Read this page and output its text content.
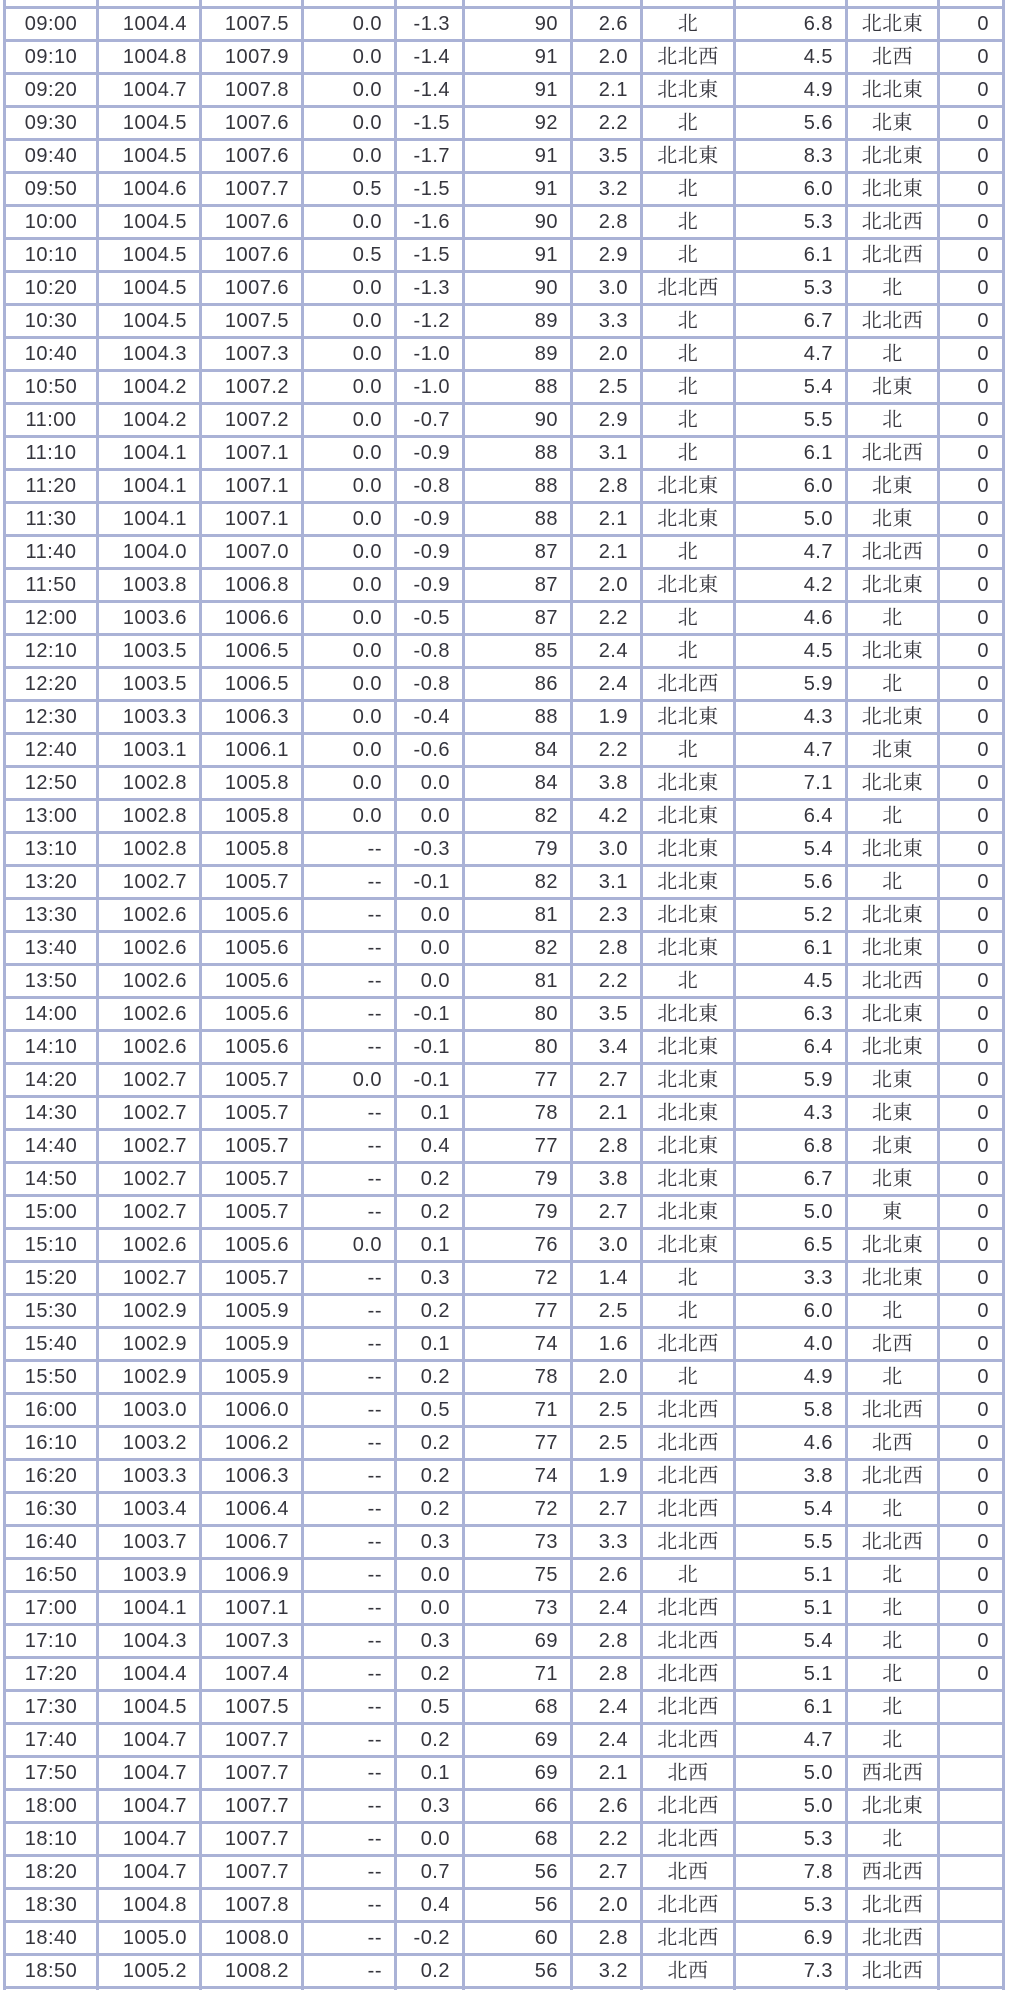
09:00	1004.4	1007.5	0.0	-1.3	90	2.6	北	6.8	北北東	0
09:10	1004.8	1007.9	0.0	-1.4	91	2.0	北北西	4.5	北西	0
09:20	1004.7	1007.8	0.0	-1.4	91	2.1	北北東	4.9	北北東	0
09:30	1004.5	1007.6	0.0	-1.5	92	2.2	北	5.6	北東	0
09:40	1004.5	1007.6	0.0	-1.7	91	3.5	北北東	8.3	北北東	0
09:50	1004.6	1007.7	0.5	-1.5	91	3.2	北	6.0	北北東	0
10:00	1004.5	1007.6	0.0	-1.6	90	2.8	北	5.3	北北西	0
10:10	1004.5	1007.6	0.5	-1.5	91	2.9	北	6.1	北北西	0
10:20	1004.5	1007.6	0.0	-1.3	90	3.0	北北西	5.3	北	0
10:30	1004.5	1007.5	0.0	-1.2	89	3.3	北	6.7	北北西	0
10:40	1004.3	1007.3	0.0	-1.0	89	2.0	北	4.7	北	0
10:50	1004.2	1007.2	0.0	-1.0	88	2.5	北	5.4	北東	0
11:00	1004.2	1007.2	0.0	-0.7	90	2.9	北	5.5	北	0
11:10	1004.1	1007.1	0.0	-0.9	88	3.1	北	6.1	北北西	0
11:20	1004.1	1007.1	0.0	-0.8	88	2.8	北北東	6.0	北東	0
11:30	1004.1	1007.1	0.0	-0.9	88	2.1	北北東	5.0	北東	0
11:40	1004.0	1007.0	0.0	-0.9	87	2.1	北	4.7	北北西	0
11:50	1003.8	1006.8	0.0	-0.9	87	2.0	北北東	4.2	北北東	0
12:00	1003.6	1006.6	0.0	-0.5	87	2.2	北	4.6	北	0
12:10	1003.5	1006.5	0.0	-0.8	85	2.4	北	4.5	北北東	0
12:20	1003.5	1006.5	0.0	-0.8	86	2.4	北北西	5.9	北	0
12:30	1003.3	1006.3	0.0	-0.4	88	1.9	北北東	4.3	北北東	0
12:40	1003.1	1006.1	0.0	-0.6	84	2.2	北	4.7	北東	0
12:50	1002.8	1005.8	0.0	0.0	84	3.8	北北東	7.1	北北東	0
13:00	1002.8	1005.8	0.0	0.0	82	4.2	北北東	6.4	北	0
13:10	1002.8	1005.8	--	-0.3	79	3.0	北北東	5.4	北北東	0
13:20	1002.7	1005.7	--	-0.1	82	3.1	北北東	5.6	北	0
13:30	1002.6	1005.6	--	0.0	81	2.3	北北東	5.2	北北東	0
13:40	1002.6	1005.6	--	0.0	82	2.8	北北東	6.1	北北東	0
13:50	1002.6	1005.6	--	0.0	81	2.2	北	4.5	北北西	0
14:00	1002.6	1005.6	--	-0.1	80	3.5	北北東	6.3	北北東	0
14:10	1002.6	1005.6	--	-0.1	80	3.4	北北東	6.4	北北東	0
14:20	1002.7	1005.7	0.0	-0.1	77	2.7	北北東	5.9	北東	0
14:30	1002.7	1005.7	--	0.1	78	2.1	北北東	4.3	北東	0
14:40	1002.7	1005.7	--	0.4	77	2.8	北北東	6.8	北東	0
14:50	1002.7	1005.7	--	0.2	79	3.8	北北東	6.7	北東	0
15:00	1002.7	1005.7	--	0.2	79	2.7	北北東	5.0	東	0
15:10	1002.6	1005.6	0.0	0.1	76	3.0	北北東	6.5	北北東	0
15:20	1002.7	1005.7	--	0.3	72	1.4	北	3.3	北北東	0
15:30	1002.9	1005.9	--	0.2	77	2.5	北	6.0	北	0
15:40	1002.9	1005.9	--	0.1	74	1.6	北北西	4.0	北西	0
15:50	1002.9	1005.9	--	0.2	78	2.0	北	4.9	北	0
16:00	1003.0	1006.0	--	0.5	71	2.5	北北西	5.8	北北西	0
16:10	1003.2	1006.2	--	0.2	77	2.5	北北西	4.6	北西	0
16:20	1003.3	1006.3	--	0.2	74	1.9	北北西	3.8	北北西	0
16:30	1003.4	1006.4	--	0.2	72	2.7	北北西	5.4	北	0
16:40	1003.7	1006.7	--	0.3	73	3.3	北北西	5.5	北北西	0
16:50	1003.9	1006.9	--	0.0	75	2.6	北	5.1	北	0
17:00	1004.1	1007.1	--	0.0	73	2.4	北北西	5.1	北	0
17:10	1004.3	1007.3	--	0.3	69	2.8	北北西	5.4	北	0
17:20	1004.4	1007.4	--	0.2	71	2.8	北北西	5.1	北	0
17:30	1004.5	1007.5	--	0.5	68	2.4	北北西	6.1	北	
17:40	1004.7	1007.7	--	0.2	69	2.4	北北西	4.7	北	
17:50	1004.7	1007.7	--	0.1	69	2.1	北西	5.0	西北西	
18:00	1004.7	1007.7	--	0.3	66	2.6	北北西	5.0	北北東	
18:10	1004.7	1007.7	--	0.0	68	2.2	北北西	5.3	北	
18:20	1004.7	1007.7	--	0.7	56	2.7	北西	7.8	西北西	
18:30	1004.8	1007.8	--	0.4	56	2.0	北北西	5.3	北北西	
18:40	1005.0	1008.0	--	-0.2	60	2.8	北北西	6.9	北北西	
18:50	1005.2	1008.2	--	0.2	56	3.2	北西	7.3	北北西	
